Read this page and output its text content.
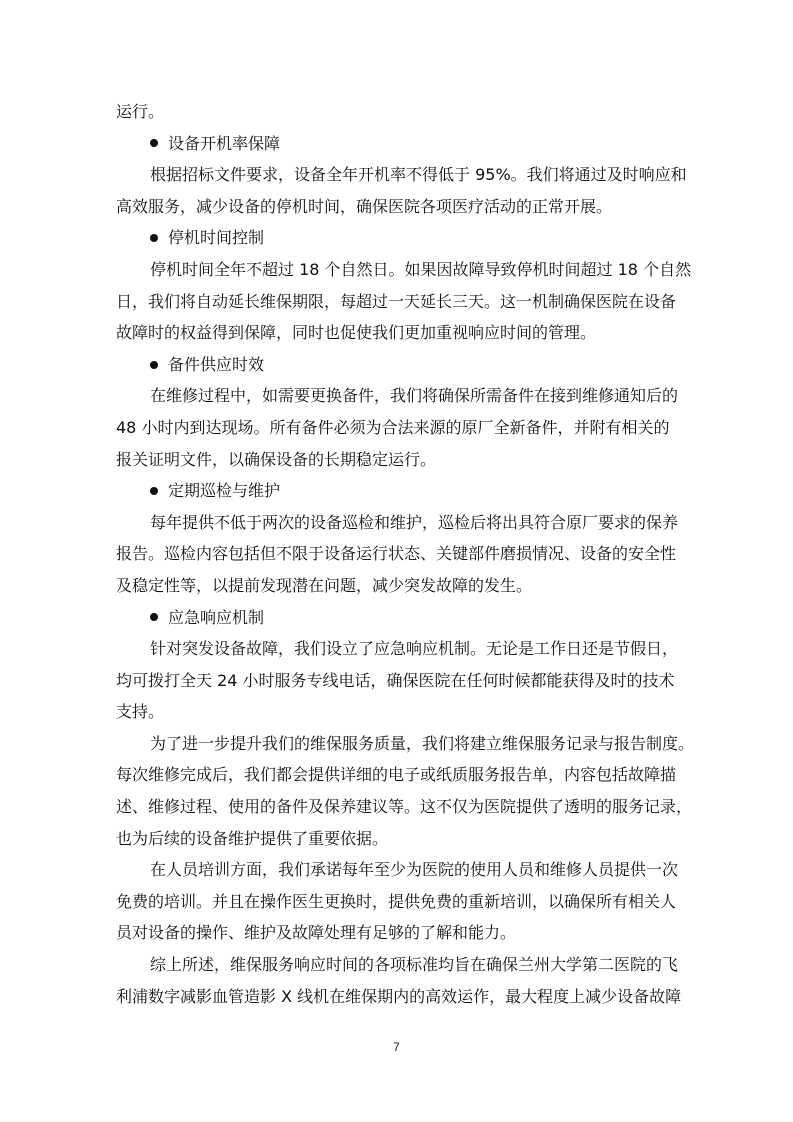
运行。
设备开机率保障
根据招标文件要求，设备全年开机率不得低于 95%。我们将通过及时响应和
高效服务，减少设备的停机时间，确保医院各项医疗活动的正常开展。
停机时间控制
停机时间全年不超过 18 个自然日。如果因故障导致停机时间超过 18 个自然
日，我们将自动延长维保期限，每超过一天延长三天。这一机制确保医院在设备
故障时的权益得到保障，同时也促使我们更加重视响应时间的管理。
备件供应时效
在维修过程中，如需要更换备件，我们将确保所需备件在接到维修通知后的
48 小时内到达现场。所有备件必须为合法来源的原厂全新备件，并附有相关的
报关证明文件，以确保设备的长期稳定运行。
定期巡检与维护
每年提供不低于两次的设备巡检和维护，巡检后将出具符合原厂要求的保养
报告。巡检内容包括但不限于设备运行状态、关键部件磨损情况、设备的安全性
及稳定性等，以提前发现潜在问题，减少突发故障的发生。
应急响应机制
针对突发设备故障，我们设立了应急响应机制。无论是工作日还是节假日，
均可拨打全天 24 小时服务专线电话，确保医院在任何时候都能获得及时的技术
支持。
为了进一步提升我们的维保服务质量，我们将建立维保服务记录与报告制度。
每次维修完成后，我们都会提供详细的电子或纸质服务报告单，内容包括故障描
述、维修过程、使用的备件及保养建议等。这不仅为医院提供了透明的服务记录，
也为后续的设备维护提供了重要依据。
在人员培训方面，我们承诺每年至少为医院的使用人员和维修人员提供一次
免费的培训。并且在操作医生更换时，提供免费的重新培训，以确保所有相关人
员对设备的操作、维护及故障处理有足够的了解和能力。
综上所述，维保服务响应时间的各项标准均旨在确保兰州大学第二医院的飞
利浦数字减影血管造影 X 线机在维保期内的高效运作，最大程度上减少设备故障
7
